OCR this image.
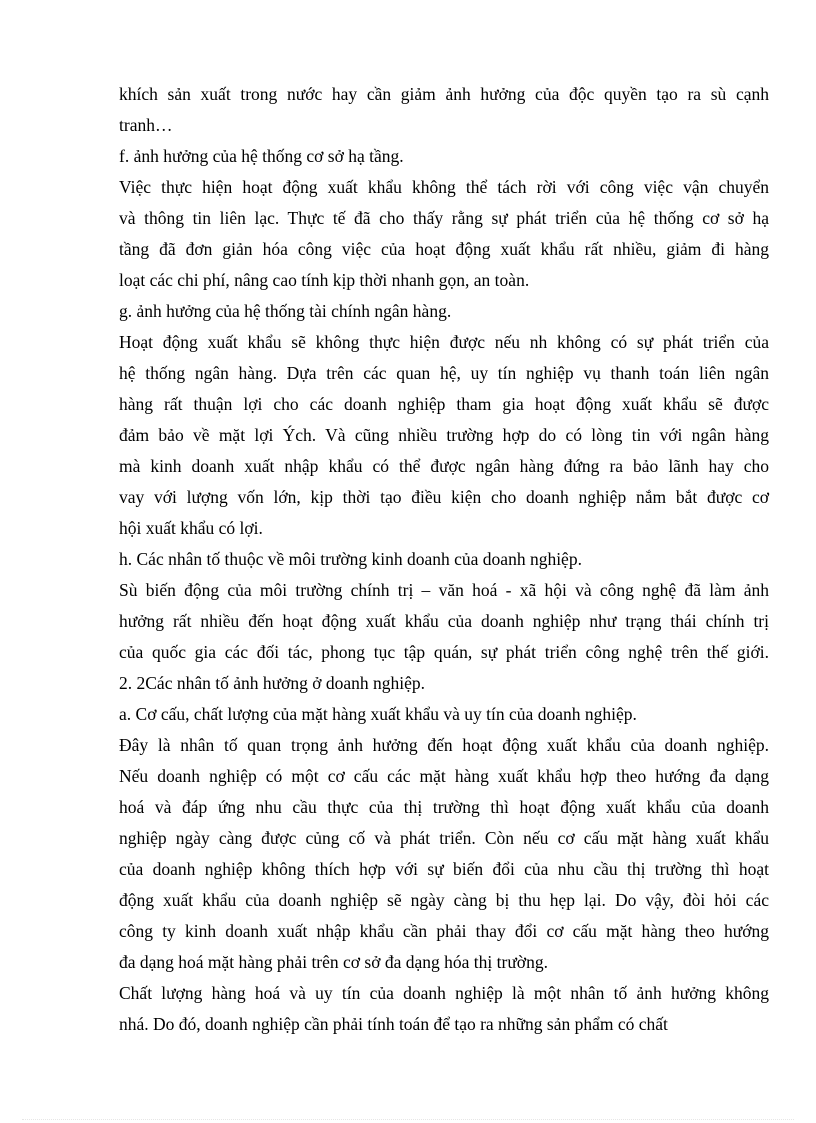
khích sản xuất trong nước hay cần giảm ảnh hưởng của độc quyền tạo ra sù cạnh
tranh…
f. ảnh hưởng của hệ thống cơ sở hạ tầng.
Việc thực hiện hoạt động xuất khẩu không thể tách rời với công việc vận chuyển
và thông tin liên lạc. Thực tế đã cho thấy rằng sự phát triển của hệ thống cơ sở hạ
tầng đã đơn giản hóa công việc của hoạt động xuất khẩu rất nhiều, giảm đi hàng
loạt các chi phí, nâng cao tính kịp thời nhanh gọn, an toàn.
g. ảnh hưởng của hệ thống tài chính ngân hàng.
Hoạt động xuất khẩu sẽ không thực hiện được nếu nh không có sự phát triển của
hệ thống ngân hàng. Dựa trên các quan hệ, uy tín nghiệp vụ thanh toán liên ngân
hàng rất thuận lợi cho các doanh nghiệp tham gia hoạt động xuất khẩu sẽ được
đảm bảo về mặt lợi Ých. Và cũng nhiều trường hợp do có lòng tin với ngân hàng
mà kinh doanh xuất nhập khẩu có thể được ngân hàng đứng ra bảo lãnh hay cho
vay với lượng vốn lớn, kịp thời tạo điều kiện cho doanh nghiệp nắm bắt được cơ
hội xuất khẩu có lợi.
h. Các nhân tố thuộc về môi trường kinh doanh của doanh nghiệp.
Sù biến động của môi trường chính trị – văn hoá - xã hội và công nghệ đã làm ảnh
hưởng rất nhiều đến hoạt động xuất khẩu của doanh nghiệp như trạng thái chính trị
của quốc gia các đối tác, phong tục tập quán, sự phát triển công nghệ trên thế giới.
2. 2Các nhân tố ảnh hưởng ở doanh nghiệp.
a. Cơ cấu, chất lượng của mặt hàng xuất khẩu và uy tín của doanh nghiệp.
Đây là nhân tố quan trọng ảnh hưởng đến hoạt động xuất khẩu của doanh nghiệp.
Nếu doanh nghiệp có một cơ cấu các mặt hàng xuất khẩu hợp theo hướng đa dạng
hoá và đáp ứng nhu cầu thực của thị trường thì hoạt động xuất khẩu của doanh
nghiệp ngày càng được củng cố và phát triển. Còn nếu cơ cấu mặt hàng xuất khẩu
của doanh nghiệp không thích hợp với sự biến đổi của nhu cầu thị trường thì hoạt
động xuất khẩu của doanh nghiệp sẽ ngày càng bị thu hẹp lại. Do vậy, đòi hỏi các
công ty kinh doanh xuất nhập khẩu cần phải thay đổi cơ cấu mặt hàng theo hướng
đa dạng hoá mặt hàng phải trên cơ sở đa dạng hóa thị trường.
Chất lượng hàng hoá và uy tín của doanh nghiệp là một nhân tố ảnh hưởng không
nhá. Do đó, doanh nghiệp cần phải tính toán để tạo ra những sản phẩm có chất
